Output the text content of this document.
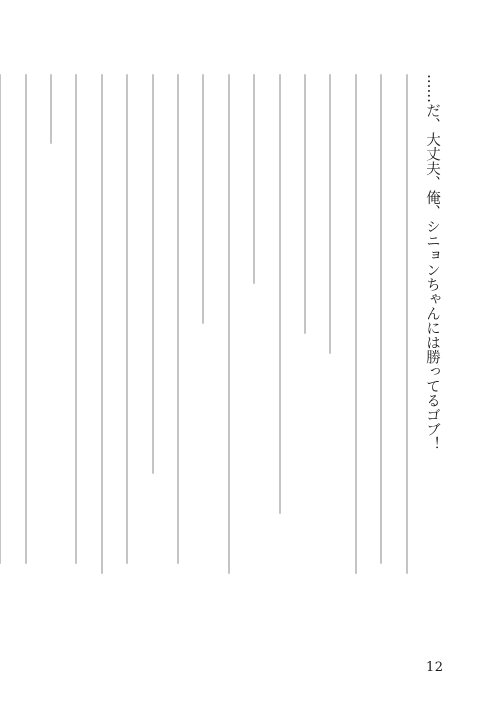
……だ、大丈夫、俺、シニョンちゃんには勝ってるゴブ！
12
